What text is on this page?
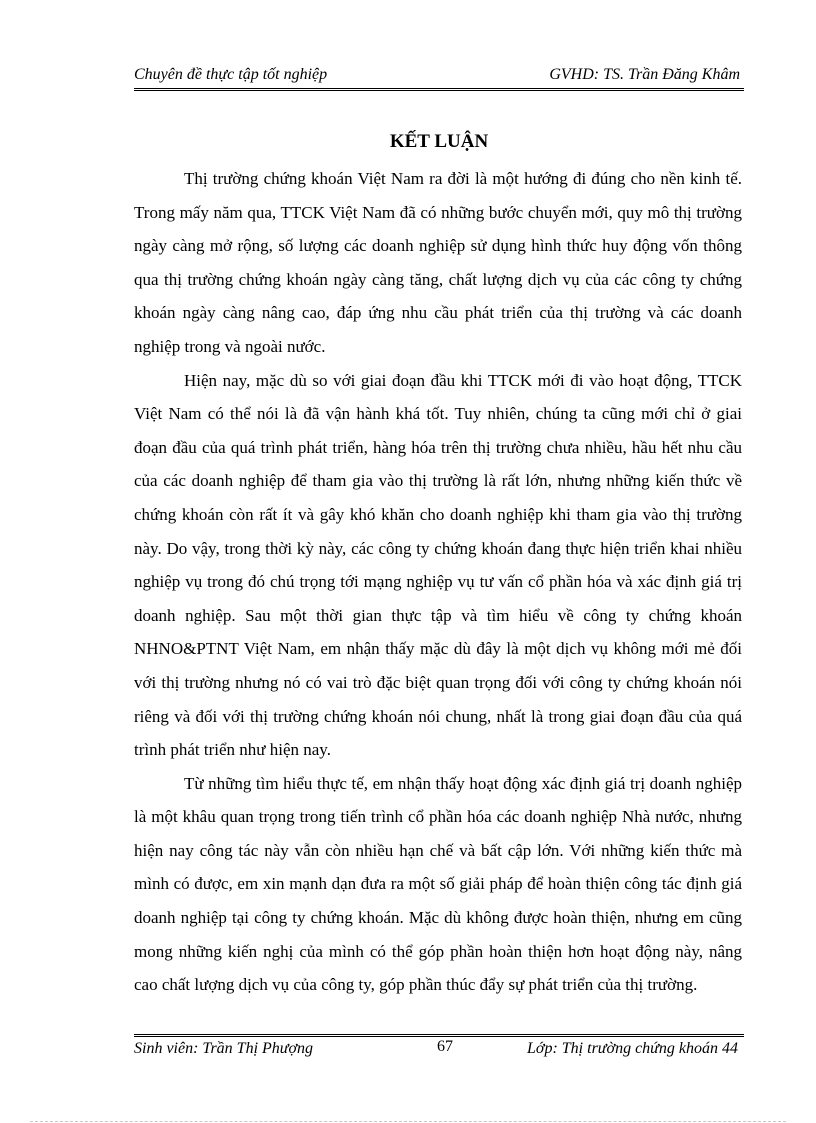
Chuyên đề thực tập tốt nghiệp	GVHD: TS. Trần Đăng Khâm
KẾT LUẬN

Thị trường chứng khoán Việt Nam ra đời là một hướng đi đúng cho nền kinh tế. Trong mấy năm qua, TTCK Việt Nam đã có những bước chuyển mới, quy mô thị trường ngày càng mở rộng, số lượng các doanh nghiệp sử dụng hình thức huy động vốn thông qua thị trường chứng khoán ngày càng tăng, chất lượng dịch vụ của các công ty chứng khoán ngày càng nâng cao, đáp ứng nhu cầu phát triển của thị trường và các doanh nghiệp trong và ngoài nước.

Hiện nay, mặc dù so với giai đoạn đầu khi TTCK mới đi vào hoạt động, TTCK Việt Nam có thể nói là đã vận hành khá tốt. Tuy nhiên, chúng ta cũng mới chỉ ở giai đoạn đầu của quá trình phát triển, hàng hóa trên thị trường chưa nhiều, hầu hết nhu cầu của các doanh nghiệp để tham gia vào thị trường là rất lớn, nhưng những kiến thức về chứng khoán còn rất ít và gây khó khăn cho doanh nghiệp khi tham gia vào thị trường này. Do vậy, trong thời kỳ này, các công ty chứng khoán đang thực hiện triển khai nhiều nghiệp vụ trong đó chú trọng tới mạng nghiệp vụ tư vấn cổ phần hóa và xác định giá trị doanh nghiệp. Sau một thời gian thực tập và tìm hiểu về công ty chứng khoán NHNO&PTNT Việt Nam, em nhận thấy mặc dù đây là một dịch vụ không mới mẻ đối với thị trường nhưng nó có vai trò đặc biệt quan trọng đối với công ty chứng khoán nói riêng và đối với thị trường chứng khoán nói chung, nhất là trong giai đoạn đầu của quá trình phát triển như hiện nay.

Từ những tìm hiểu thực tế, em nhận thấy hoạt động xác định giá trị doanh nghiệp là một khâu quan trọng trong tiến trình cổ phần hóa các doanh nghiệp Nhà nước, nhưng hiện nay công tác này vẫn còn nhiều hạn chế và bất cập lớn. Với những kiến thức mà mình có được, em xin mạnh dạn đưa ra một số giải pháp để hoàn thiện công tác định giá doanh nghiệp tại công ty chứng khoán. Mặc dù không được hoàn thiện, nhưng em cũng mong những kiến nghị của mình có thể góp phần hoàn thiện hơn hoạt động này, nâng cao chất lượng dịch vụ của công ty, góp phần thúc đẩy sự phát triển của thị trường.

Sinh viên: Trần Thị Phượng	67	Lớp: Thị trường chứng khoán 44
